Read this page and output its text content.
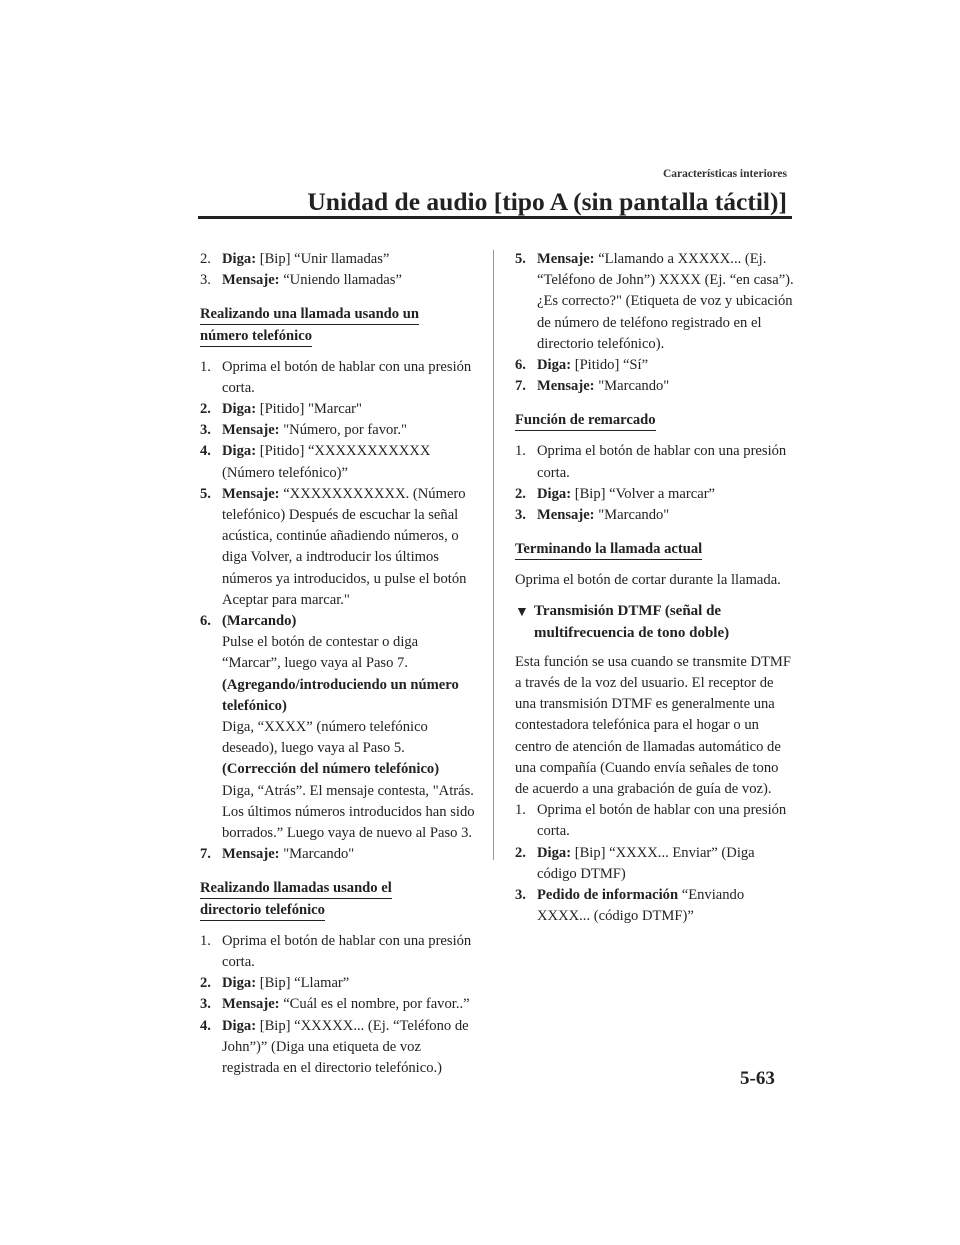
Características interiores
Unidad de audio [tipo A (sin pantalla táctil)]
2. Diga: [Bip] “Unir llamadas”
3. Mensaje: “Uniendo llamadas”
Realizando una llamada usando un
número telefónico
1. Oprima el botón de hablar con una presión corta.
2. Diga: [Pitido] "Marcar"
3. Mensaje: "Número, por favor."
4. Diga: [Pitido] “XXXXXXXXXXX (Número telefónico)”
5. Mensaje: “XXXXXXXXXXX. (Número telefónico) Después de escuchar la señal acústica, continúe añadiendo números, o diga Volver, a indtroducir los últimos números ya introducidos, u pulse el botón Aceptar para marcar."
6. (Marcando)
Pulse el botón de contestar o diga “Marcar”, luego vaya al Paso 7.
(Agregando/introduciendo un número telefónico)
Diga, “XXXX” (número telefónico deseado), luego vaya al Paso 5.
(Corrección del número telefónico)
Diga, “Atrás”. El mensaje contesta, "Atrás. Los últimos números introducidos han sido borrados.” Luego vaya de nuevo al Paso 3.
7. Mensaje: "Marcando"
Realizando llamadas usando el
directorio telefónico
1. Oprima el botón de hablar con una presión corta.
2. Diga: [Bip] “Llamar”
3. Mensaje: “Cuál es el nombre, por favor..”
4. Diga: [Bip] “XXXXX... (Ej. “Teléfono de John”)” (Diga una etiqueta de voz registrada en el directorio telefónico.)
5. Mensaje: “Llamando a XXXXX... (Ej. “Teléfono de John”) XXXX (Ej. “en casa”). ¿Es correcto?" (Etiqueta de voz y ubicación de número de teléfono registrado en el directorio telefónico).
6. Diga: [Pitido] “Sí”
7. Mensaje: "Marcando"
Función de remarcado
1. Oprima el botón de hablar con una presión corta.
2. Diga: [Bip] “Volver a marcar”
3. Mensaje: "Marcando"
Terminando la llamada actual
Oprima el botón de cortar durante la llamada.
▼ Transmisión DTMF (señal de multifrecuencia de tono doble)
Esta función se usa cuando se transmite DTMF a través de la voz del usuario. El receptor de una transmisión DTMF es generalmente una contestadora telefónica para el hogar o un centro de atención de llamadas automático de una compañía (Cuando envía señales de tono de acuerdo a una grabación de guía de voz).
1. Oprima el botón de hablar con una presión corta.
2. Diga: [Bip] “XXXX... Enviar” (Diga código DTMF)
3. Pedido de información “Enviando XXXX... (código DTMF)”
5-63
